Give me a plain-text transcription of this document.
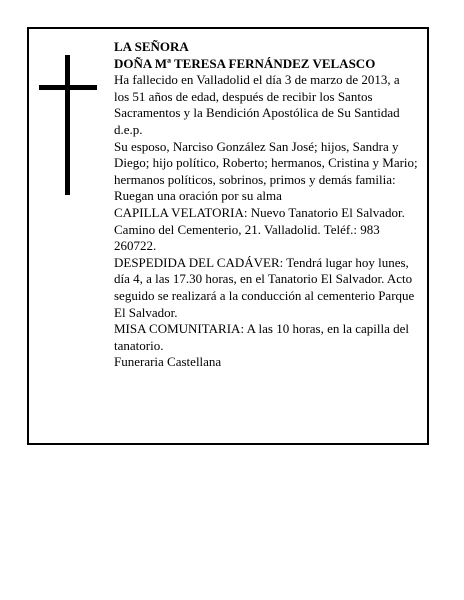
LA SEÑORA

DOÑA Mª TERESA FERNÁNDEZ VELASCO

Ha fallecido en Valladolid el día 3 de marzo de 2013, a los 51 años de edad, después de recibir los Santos Sacramentos y la Bendición Apostólica de Su Santidad d.e.p.

Su esposo, Narciso González San José; hijos, Sandra y Diego; hijo político, Roberto; hermanos, Cristina y Mario; hermanos políticos, sobrinos, primos y demás familia:

Ruegan una oración por su alma

CAPILLA VELATORIA: Nuevo Tanatorio El Salvador. Camino del Cementerio, 21. Valladolid. Teléf.: 983 260722.

DESPEDIDA DEL CADÁVER: Tendrá lugar hoy lunes, día 4, a las 17.30 horas, en el Tanatorio El Salvador. Acto seguido se realizará a la conducción al cementerio Parque El Salvador.

MISA COMUNITARIA: A las 10 horas, en la capilla del tanatorio.

Funeraria Castellana
